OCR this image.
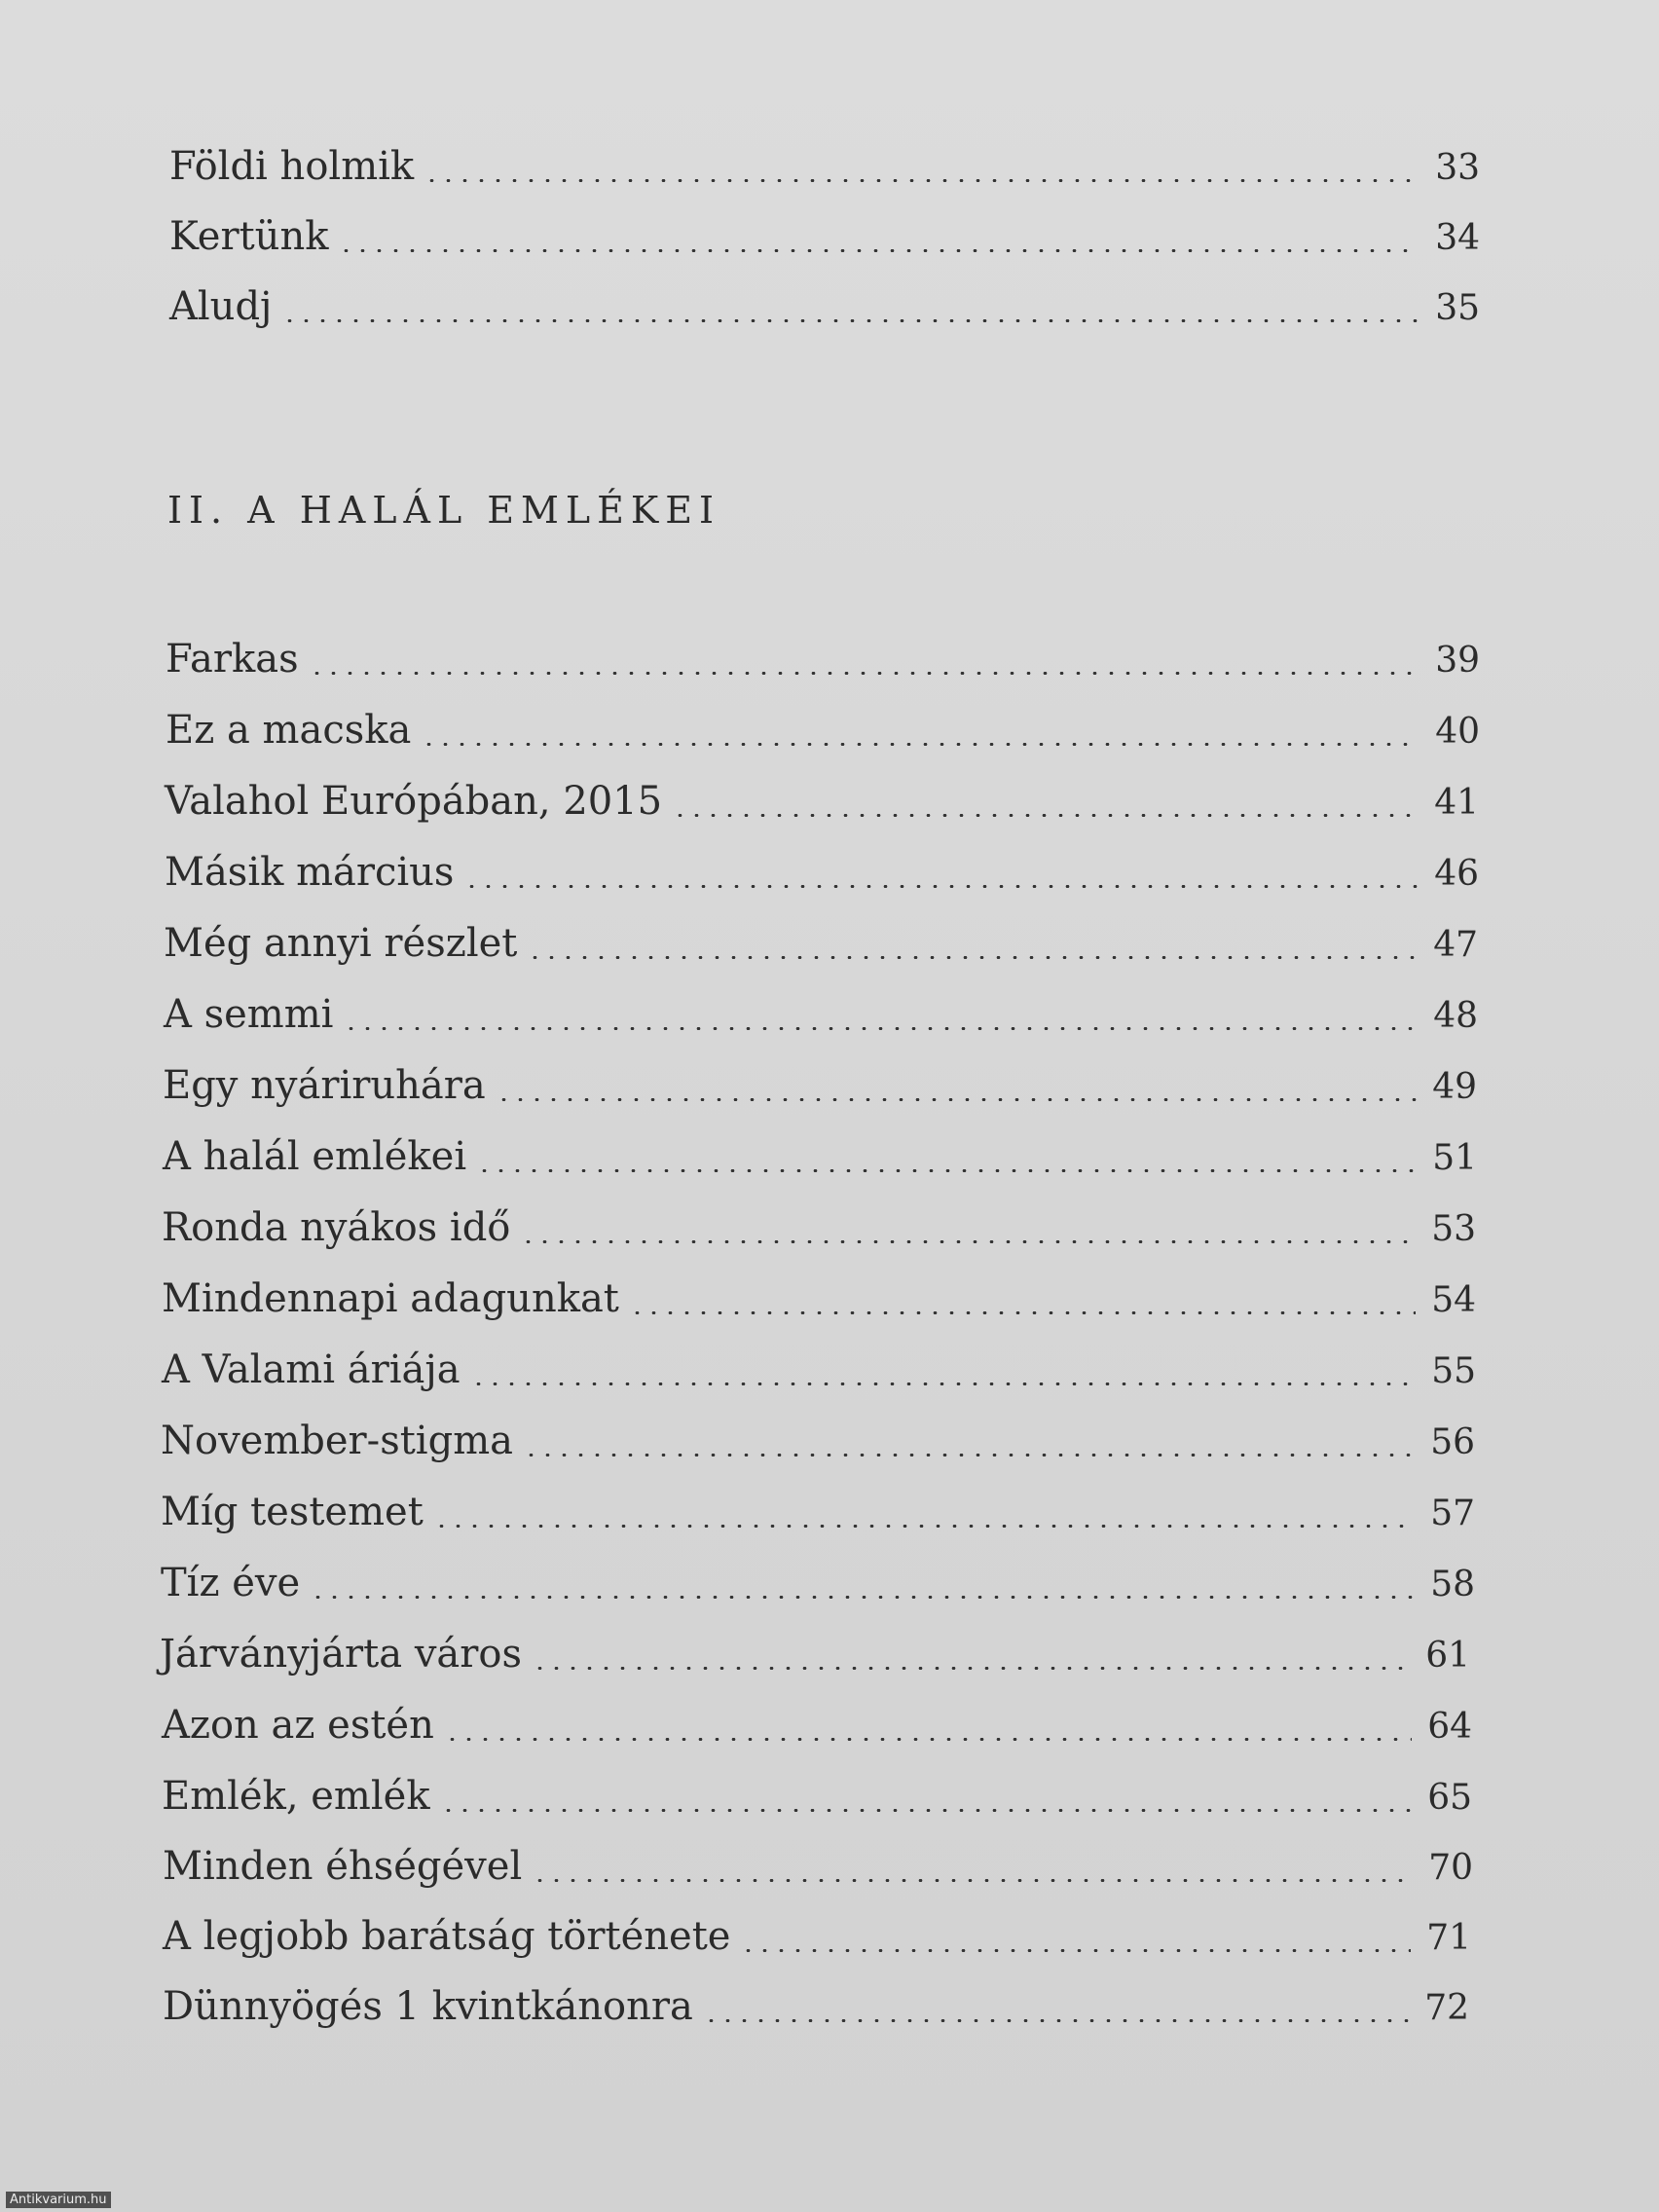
Földi holmik	33
Kertünk	34
Aludj	35
II. A HALÁL EMLÉKEI
Farkas	39
Ez a macska	40
Valahol Európában, 2015	41
Másik március	46
Még annyi részlet	47
A semmi	48
Egy nyáriruhára	49
A halál emlékei	51
Ronda nyákos idő	53
Mindennapi adagunkat	54
A Valami áriája	55
November-stigma	56
Míg testemet	57
Tíz éve	58
Járványjárta város	61
Azon az estén	64
Emlék, emlék	65
Minden éhségével	70
A legjobb barátság története	71
Dünnyögés 1 kvintkánonra	72
Antikvarium.hu
